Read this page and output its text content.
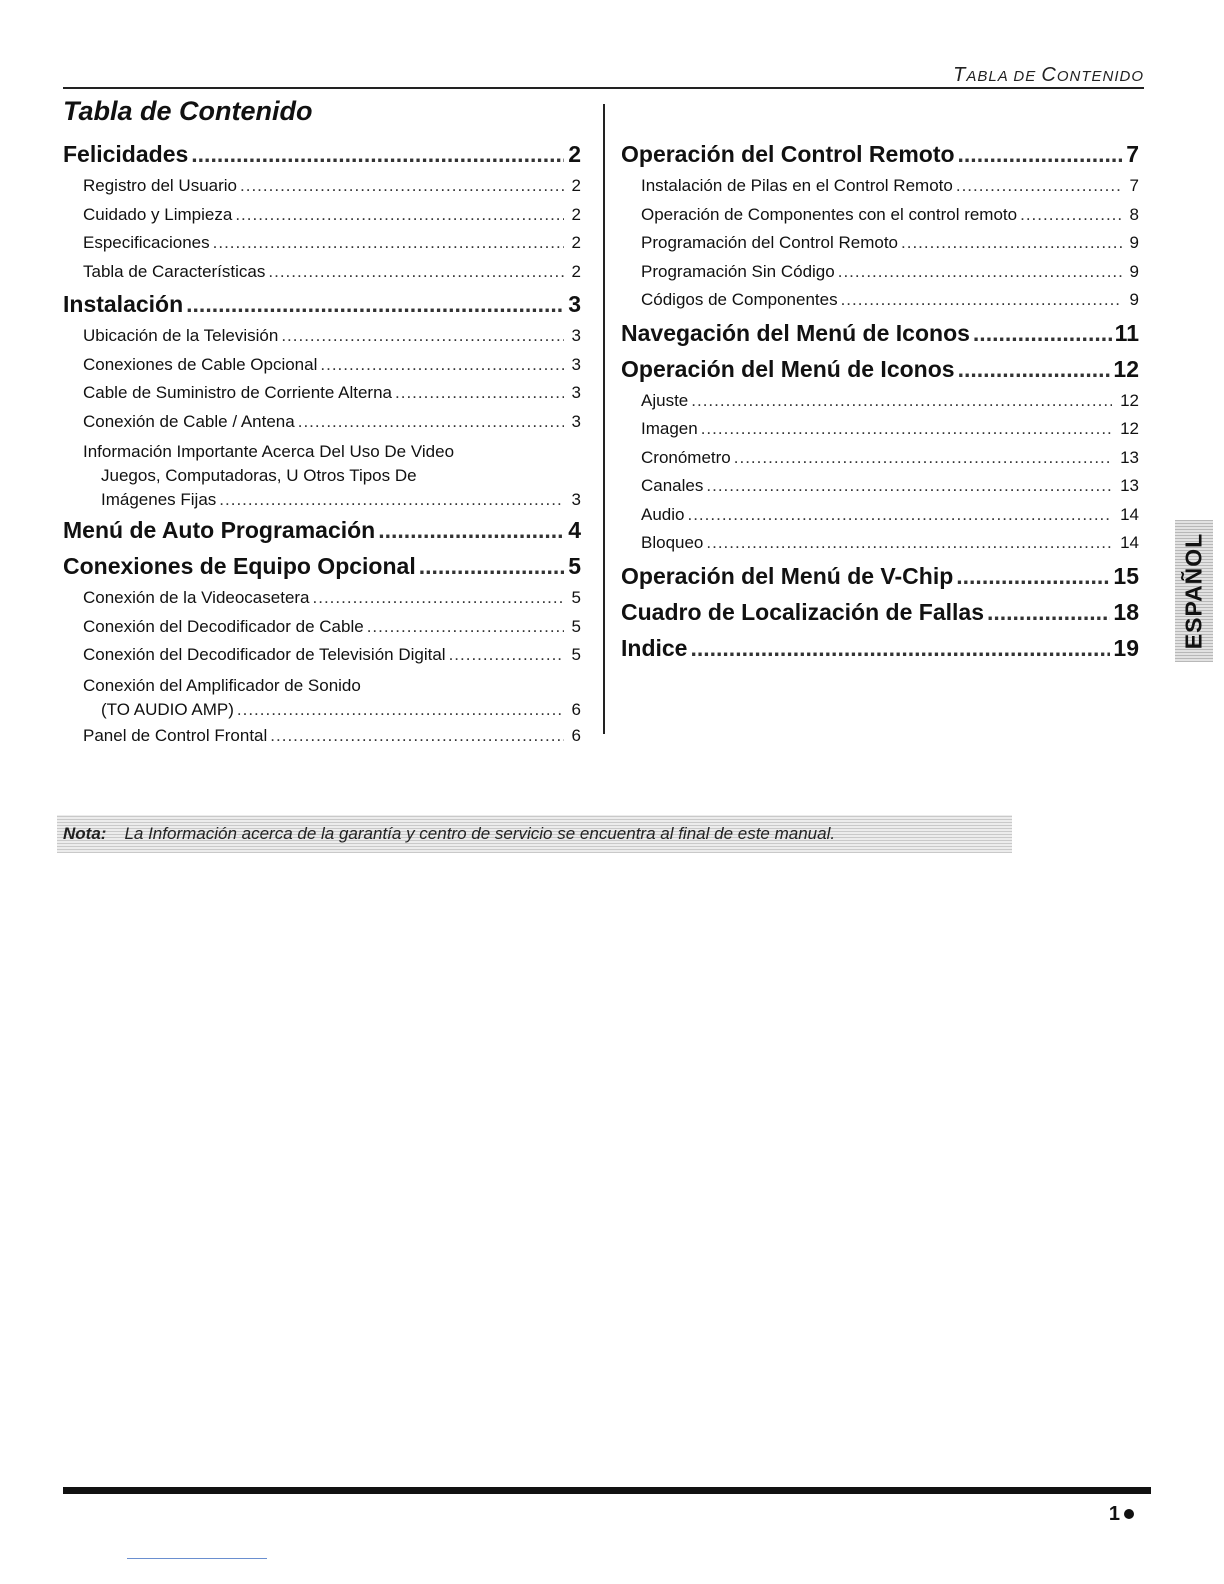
TABLA DE CONTENIDO
Tabla de Contenido
Felicidades .....	2
Registro del Usuario .....	2
Cuidado y Limpieza .....	2
Especificaciones .....	2
Tabla de Características .....	2
Instalación .....	3
Ubicación de la Televisión .....	3
Conexiones de Cable Opcional .....	3
Cable de Suministro de Corriente Alterna .....	3
Conexión de Cable / Antena .....	3
Información Importante Acerca Del Uso De Video
Juegos, Computadoras, U Otros Tipos De
Imágenes Fijas .....	3
Menú de Auto Programación .....	4
Conexiones de Equipo Opcional .....	5
Conexión de la Videocasetera .....	5
Conexión del Decodificador de Cable .....	5
Conexión del Decodificador de Televisión Digital .....	5
Conexión del Amplificador de Sonido
(TO AUDIO AMP) .....	6
Panel de Control Frontal .....	6
Operación del Control Remoto .....	7
Instalación de Pilas en el Control Remoto .....	7
Operación de Componentes con el control remoto .....	8
Programación del Control Remoto .....	9
Programación Sin Código .....	9
Códigos de Componentes .....	9
Navegación del Menú de Iconos .....	11
Operación del Menú de Iconos .....	12
Ajuste .....	12
Imagen .....	12
Cronómetro .....	13
Canales .....	13
Audio .....	14
Bloqueo .....	14
Operación del Menú de V-Chip .....	15
Cuadro de Localización de Fallas .....	18
Indice .....	19
Nota: La Información acerca de la garantía y centro de servicio se encuentra al final de este manual.
ESPAÑOL
1
